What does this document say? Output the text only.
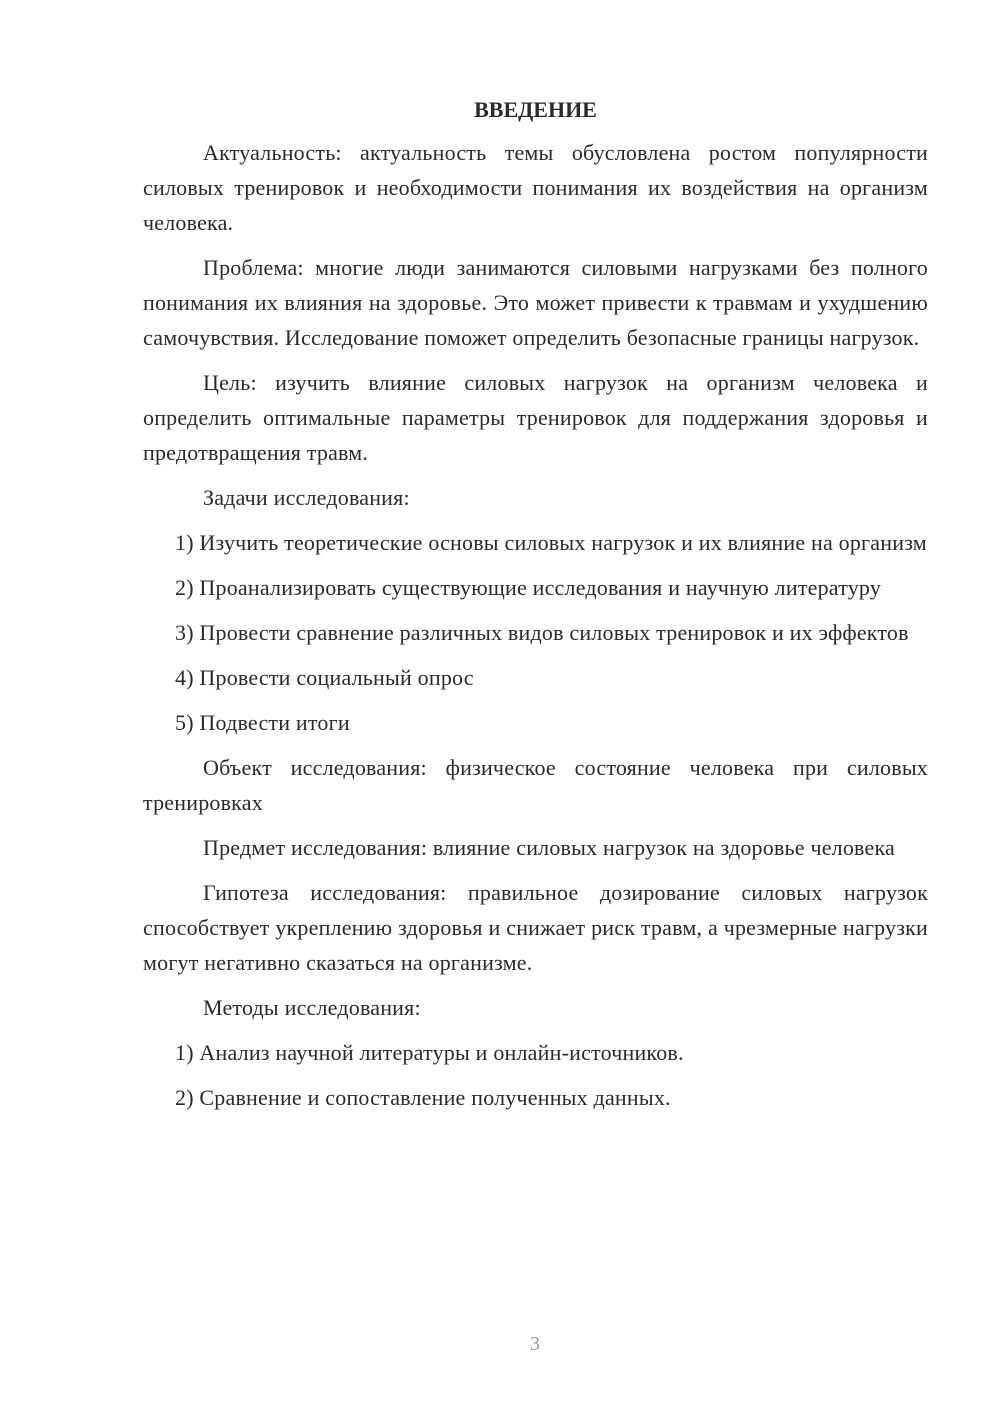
ВВЕДЕНИЕ
Актуальность: актуальность темы обусловлена ростом популярности силовых тренировок и необходимости понимания их воздействия на организм человека.
Проблема: многие люди занимаются силовыми нагрузками без полного понимания их влияния на здоровье. Это может привести к травмам и ухудшению самочувствия. Исследование поможет определить безопасные границы нагрузок.
Цель: изучить влияние силовых нагрузок на организм человека и определить оптимальные параметры тренировок для поддержания здоровья и предотвращения травм.
Задачи исследования:
1) Изучить теоретические основы силовых нагрузок и их влияние на организм
2) Проанализировать существующие исследования и научную литературу
3) Провести сравнение различных видов силовых тренировок и их эффектов
4) Провести социальный опрос
5) Подвести итоги
Объект исследования: физическое состояние человека при силовых тренировках
Предмет исследования: влияние силовых нагрузок на здоровье человека
Гипотеза исследования: правильное дозирование силовых нагрузок способствует укреплению здоровья и снижает риск травм, а чрезмерные нагрузки могут негативно сказаться на организме.
Методы исследования:
1) Анализ научной литературы и онлайн-источников.
2) Сравнение и сопоставление полученных данных.
3
